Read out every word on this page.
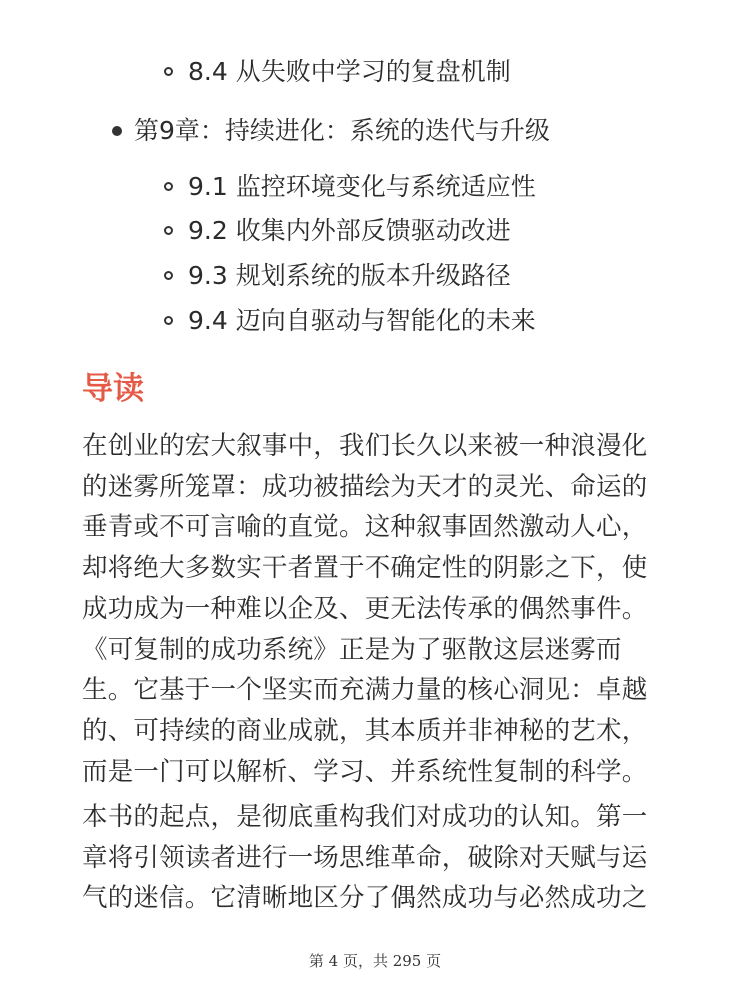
8.4 从失败中学习的复盘机制
第9章：持续进化：系统的迭代与升级
9.1 监控环境变化与系统适应性
9.2 收集内外部反馈驱动改进
9.3 规划系统的版本升级路径
9.4 迈向自驱动与智能化的未来
导读
在创业的宏大叙事中，我们长久以来被一种浪漫化
的迷雾所笼罩：成功被描绘为天才的灵光、命运的
垂青或不可言喻的直觉。这种叙事固然激动人心，
却将绝大多数实干者置于不确定性的阴影之下，使
成功成为一种难以企及、更无法传承的偶然事件。
《可复制的成功系统》正是为了驱散这层迷雾而
生。它基于一个坚实而充满力量的核心洞见：卓越
的、可持续的商业成就，其本质并非神秘的艺术，
而是一门可以解析、学习、并系统性复制的科学。
本书的起点，是彻底重构我们对成功的认知。第一
章将引领读者进行一场思维革命，破除对天赋与运
气的迷信。它清晰地区分了偶然成功与必然成功之
第 4 页，共 295 页
